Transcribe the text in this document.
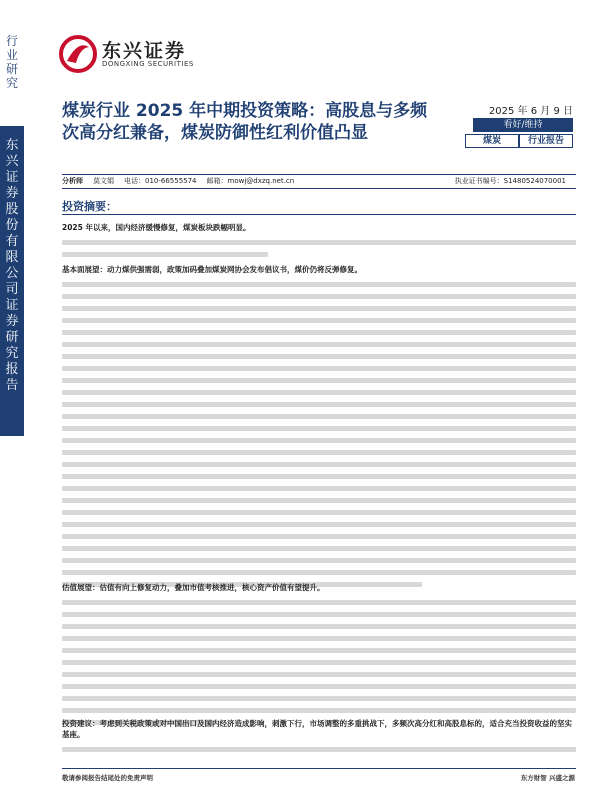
行业研究
东兴证券股份有限公司证券研究报告
东兴证券
DONGXING SECURITIES
煤炭行业 2025 年中期投资策略：高股息与多频次高分红兼备，煤炭防御性红利价值凸显
2025 年 6 月 9 日
看好/维持
煤炭	行业报告
分析师 莫文娟 电话：010-66555574 邮箱：mowj@dxzq.net.cn	执业证书编号：S1480524070001
投资摘要：
2025 年以来，国内经济缓慢修复，煤炭板块跌幅明显。
基本面展望：动力煤供强需弱，政策加码叠加煤炭网协会发布倡议书，煤价仍将反弹修复。
估值展望：估值有向上修复动力，叠加市值考核推进，核心资产价值有望提升。
投资建议：考虑到关税政策或对中国出口及国内经济造成影响，刺激下行，市场调整的多重挑战下，多频次高分红和高股息标的，适合充当投资收益的坚实基座。
敬请参阅报告结尾处的免责声明	东方财智 兴盛之源
